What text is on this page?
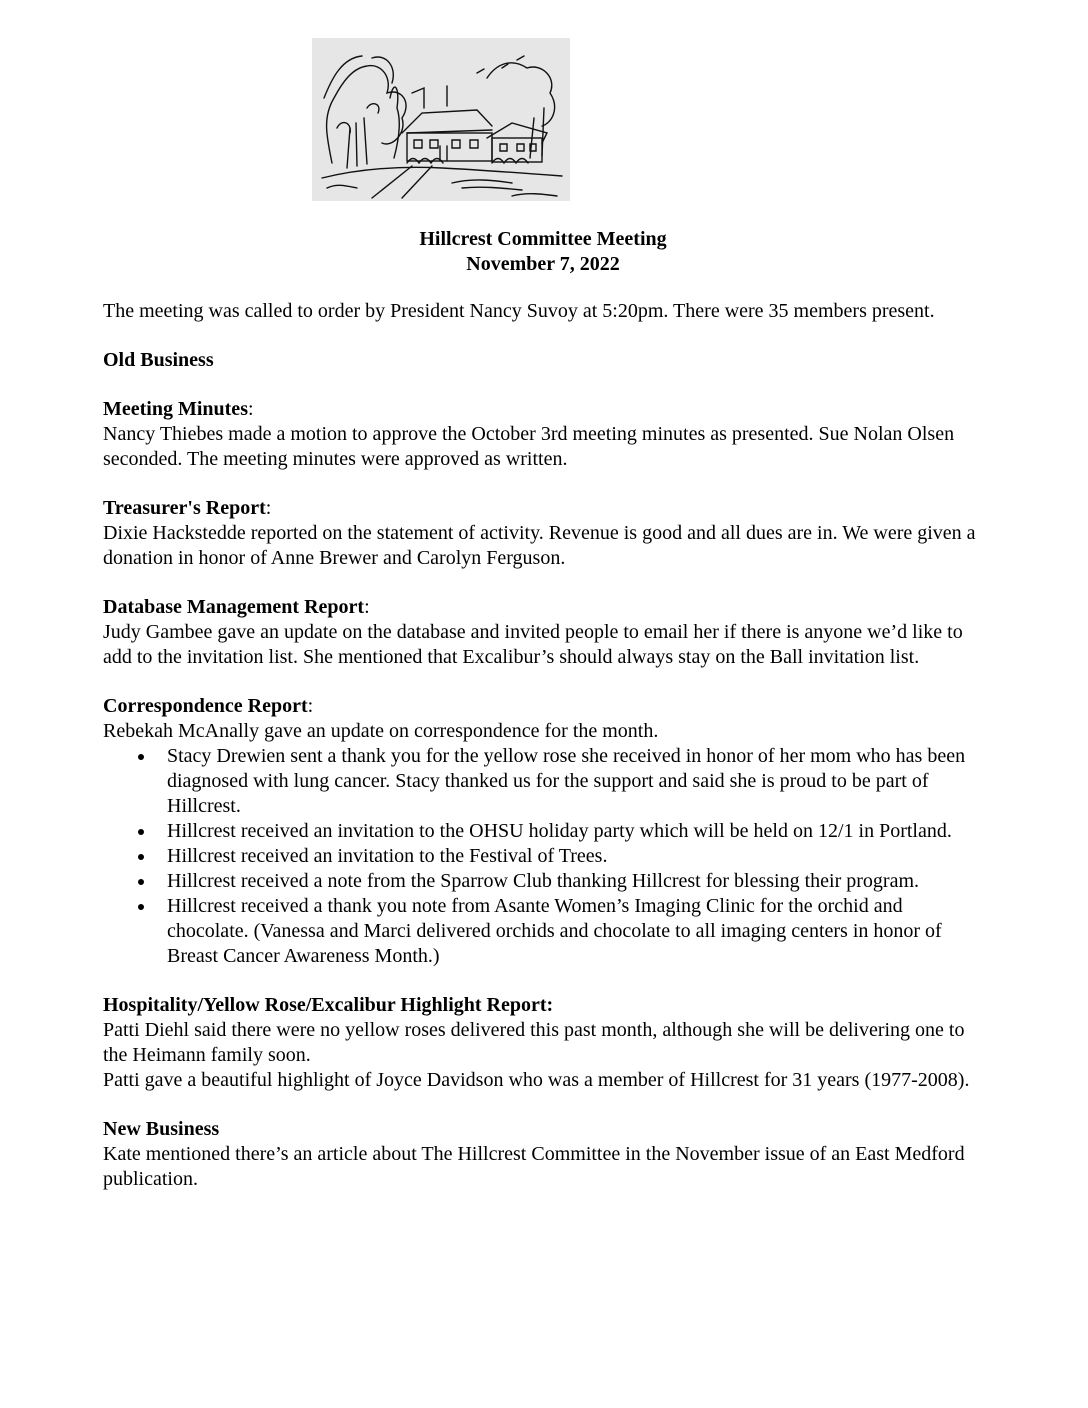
Hillcrest Committee Meeting
November 7, 2022

The meeting was called to order by President Nancy Suvoy at 5:20pm. There were 35 members present.

Old Business

Meeting Minutes:

Nancy Thiebes made a motion to approve the October 3rd meeting minutes as presented. Sue Nolan Olsen seconded. The meeting minutes were approved as written.

Treasurer's Report:

Dixie Hackstedde reported on the statement of activity. Revenue is good and all dues are in. We were given a donation in honor of Anne Brewer and Carolyn Ferguson.

Database Management Report:

Judy Gambee gave an update on the database and invited people to email her if there is anyone we’d like to add to the invitation list. She mentioned that Excalibur’s should always stay on the Ball invitation list.

Correspondence Report:

Rebekah McAnally gave an update on correspondence for the month.

Stacy Drewien sent a thank you for the yellow rose she received in honor of her mom who has been diagnosed with lung cancer. Stacy thanked us for the support and said she is proud to be part of Hillcrest.
Hillcrest received an invitation to the OHSU holiday party which will be held on 12/1 in Portland.
Hillcrest received an invitation to the Festival of Trees.
Hillcrest received a note from the Sparrow Club thanking Hillcrest for blessing their program.
Hillcrest received a thank you note from Asante Women’s Imaging Clinic for the orchid and chocolate. (Vanessa and Marci delivered orchids and chocolate to all imaging centers in honor of Breast Cancer Awareness Month.)

Hospitality/Yellow Rose/Excalibur Highlight Report:

Patti Diehl said there were no yellow roses delivered this past month, although she will be delivering one to the Heimann family soon.

Patti gave a beautiful highlight of Joyce Davidson who was a member of Hillcrest for 31 years (1977-2008).

New Business

Kate mentioned there’s an article about The Hillcrest Committee in the November issue of an East Medford publication.
